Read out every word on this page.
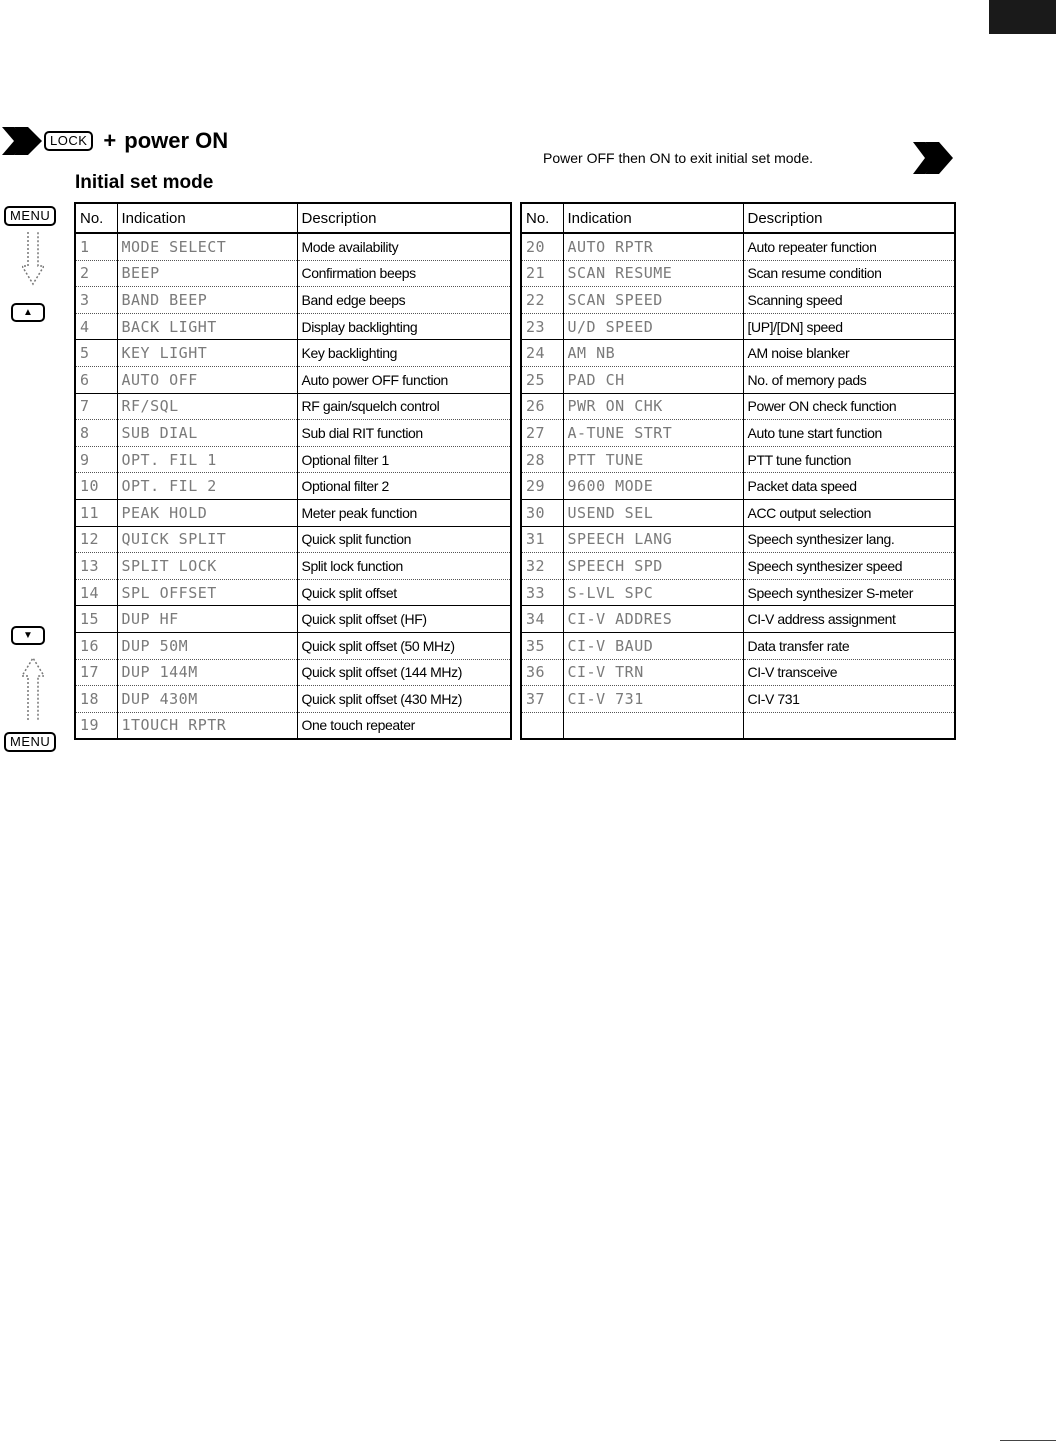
LOCK + power ON
Power OFF then ON to exit initial set mode.
Initial set mode
MENU
▲
▼
MENU
No.	Indication	Description
1	MODE SELECT	Mode availability
2	BEEP	Confirmation beeps
3	BAND BEEP	Band edge beeps
4	BACK LIGHT	Display backlighting
5	KEY LIGHT	Key backlighting
6	AUTO OFF	Auto power OFF function
7	RF/SQL	RF gain/squelch control
8	SUB DIAL	Sub dial RIT function
9	OPT. FIL 1	Optional filter 1
10	OPT. FIL 2	Optional filter 2
11	PEAK HOLD	Meter peak function
12	QUICK SPLIT	Quick split function
13	SPLIT LOCK	Split lock function
14	SPL OFFSET	Quick split offset
15	DUP HF	Quick split offset (HF)
16	DUP 50M	Quick split offset (50 MHz)
17	DUP 144M	Quick split offset (144 MHz)
18	DUP 430M	Quick split offset (430 MHz)
19	1TOUCH RPTR	One touch repeater
No.	Indication	Description
20	AUTO RPTR	Auto repeater function
21	SCAN RESUME	Scan resume condition
22	SCAN SPEED	Scanning speed
23	U/D SPEED	[UP]/[DN] speed
24	AM NB	AM noise blanker
25	PAD CH	No. of memory pads
26	PWR ON CHK	Power ON check function
27	A-TUNE STRT	Auto tune start function
28	PTT TUNE	PTT tune function
29	9600 MODE	Packet data speed
30	USEND SEL	ACC output selection
31	SPEECH LANG	Speech synthesizer lang.
32	SPEECH SPD	Speech synthesizer speed
33	S-LVL SPC	Speech synthesizer S-meter
34	CI-V ADDRES	CI-V address assignment
35	CI-V BAUD	Data transfer rate
36	CI-V TRN	CI-V transceive
37	CI-V 731	CI-V 731
